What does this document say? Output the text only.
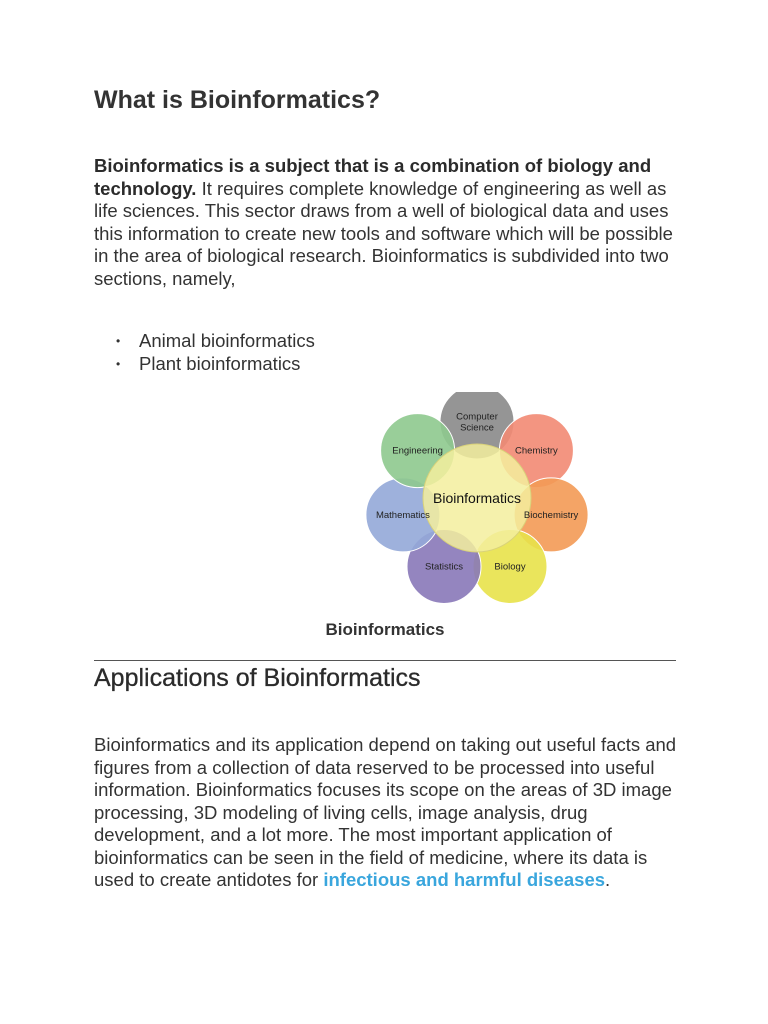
What is Bioinformatics?

Bioinformatics is a subject that is a combination of biology and technology. It requires complete knowledge of engineering as well as life sciences. This sector draws from a well of biological data and uses this information to create new tools and software which will be possible in the area of biological research. Bioinformatics is subdivided into two sections, namely,

• Animal bioinformatics
• Plant bioinformatics
Computer Science
Chemistry
Biochemistry
Biology
Statistics
Mathematics
Engineering
Bioinformatics
Bioinformatics
Applications of Bioinformatics

Bioinformatics and its application depend on taking out useful facts and figures from a collection of data reserved to be processed into useful information. Bioinformatics focuses its scope on the areas of 3D image processing, 3D modeling of living cells, image analysis, drug development, and a lot more. The most important application of bioinformatics can be seen in the field of medicine, where its data is used to create antidotes for infectious and harmful diseases.
